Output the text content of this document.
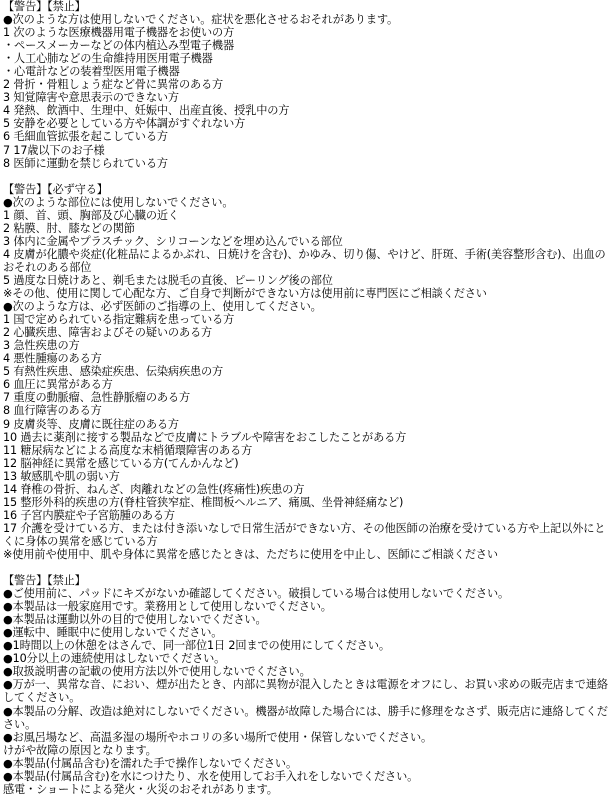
【警告】【禁止】
●次のような方は使用しないでください。症状を悪化させるおそれがあります。
1 次のような医療機器用電子機器をお使いの方
・ペースメーカーなどの体内植込み型電子機器
・人工心肺などの生命維持用医用電子機器
・心電計などの装着型医用電子機器
2 骨折・骨粗しょう症など骨に異常のある方
3 知覚障害や意思表示のできない方
4 発熱、飲酒中、生理中、妊娠中、出産直後、授乳中の方
5 安静を必要としている方や体調がすぐれない方
6 毛細血管拡張を起こしている方
7 17歳以下のお子様
8 医師に運動を禁じられている方
【警告】【必ず守る】
●次のような部位には使用しないでください。
1 顔、首、頭、胸部及び心臓の近く
2 粘膜、肘、膝などの関節
3 体内に金属やプラスチック、シリコーンなどを埋め込んでいる部位
4 皮膚が化膿や炎症(化粧品によるかぶれ、日焼けを含む)、かゆみ、切り傷、やけど、肝斑、手術(美容整形含む)、出血のおそれのある部位
5 過度な日焼けあと、剃毛または脱毛の直後、ピーリング後の部位
※その他、使用に関して心配な方、ご自身で判断ができない方は使用前に専門医にご相談ください
●次のような方は、必ず医師のご指導の上、使用してください。
1 国で定められている指定難病を患っている方
2 心臓疾患、障害およびその疑いのある方
3 急性疾患の方
4 悪性腫瘍のある方
5 有熱性疾患、感染症疾患、伝染病疾患の方
6 血圧に異常がある方
7 重度の動脈瘤、急性静脈瘤のある方
8 血行障害のある方
9 皮膚炎等、皮膚に既往症のある方
10 過去に薬剤に接する製品などで皮膚にトラブルや障害をおこしたことがある方
11 糖尿病などによる高度な末梢循環障害のある方
12 脳神経に異常を感じている方(てんかんなど)
13 敏感肌や肌の弱い方
14 脊椎の骨折、ねんざ、肉離れなどの急性(疼痛性)疾患の方
15 整形外科的疾患の方(脊柱管狭窄症、椎間板ヘルニア、痛風、坐骨神経痛など)
16 子宮内膜症や子宮筋腫のある方
17 介護を受けている方、または付き添いなしで日常生活ができない方、その他医師の治療を受けている方や上記以外にとくに身体の異常を感じている方
※使用前や使用中、肌や身体に異常を感じたときは、ただちに使用を中止し、医師にご相談ください
【警告】【禁止】
●ご使用前に、パッドにキズがないか確認してください。破損している場合は使用しないでください。
●本製品は一般家庭用です。業務用として使用しないでください。
●本製品は運動以外の目的で使用しないでください。
●運転中、睡眠中に使用しないでください。
●1時間以上の休憩をはさんで、同一部位1日 2回までの使用にしてください。
●10分以上の連続使用はしないでください。
●取扱説明書の記載の使用方法以外で使用しないでください。
●万が一、異常な音、におい、煙が出たとき、内部に異物が混入したときは電源をオフにし、お買い求めの販売店まで連絡してください。
●本製品の分解、改造は絶対にしないでください。機器が故障した場合には、勝手に修理をなさず、販売店に連絡してください。
●お風呂場など、高温多湿の場所やホコリの多い場所で使用・保管しないでください。
けがや故障の原因となります。
●本製品(付属品含む)を濡れた手で操作しないでください。
●本製品(付属品含む)を水につけたり、水を使用してお手入れをしないでください。
感電・ショートによる発火・火災のおそれがあります。
